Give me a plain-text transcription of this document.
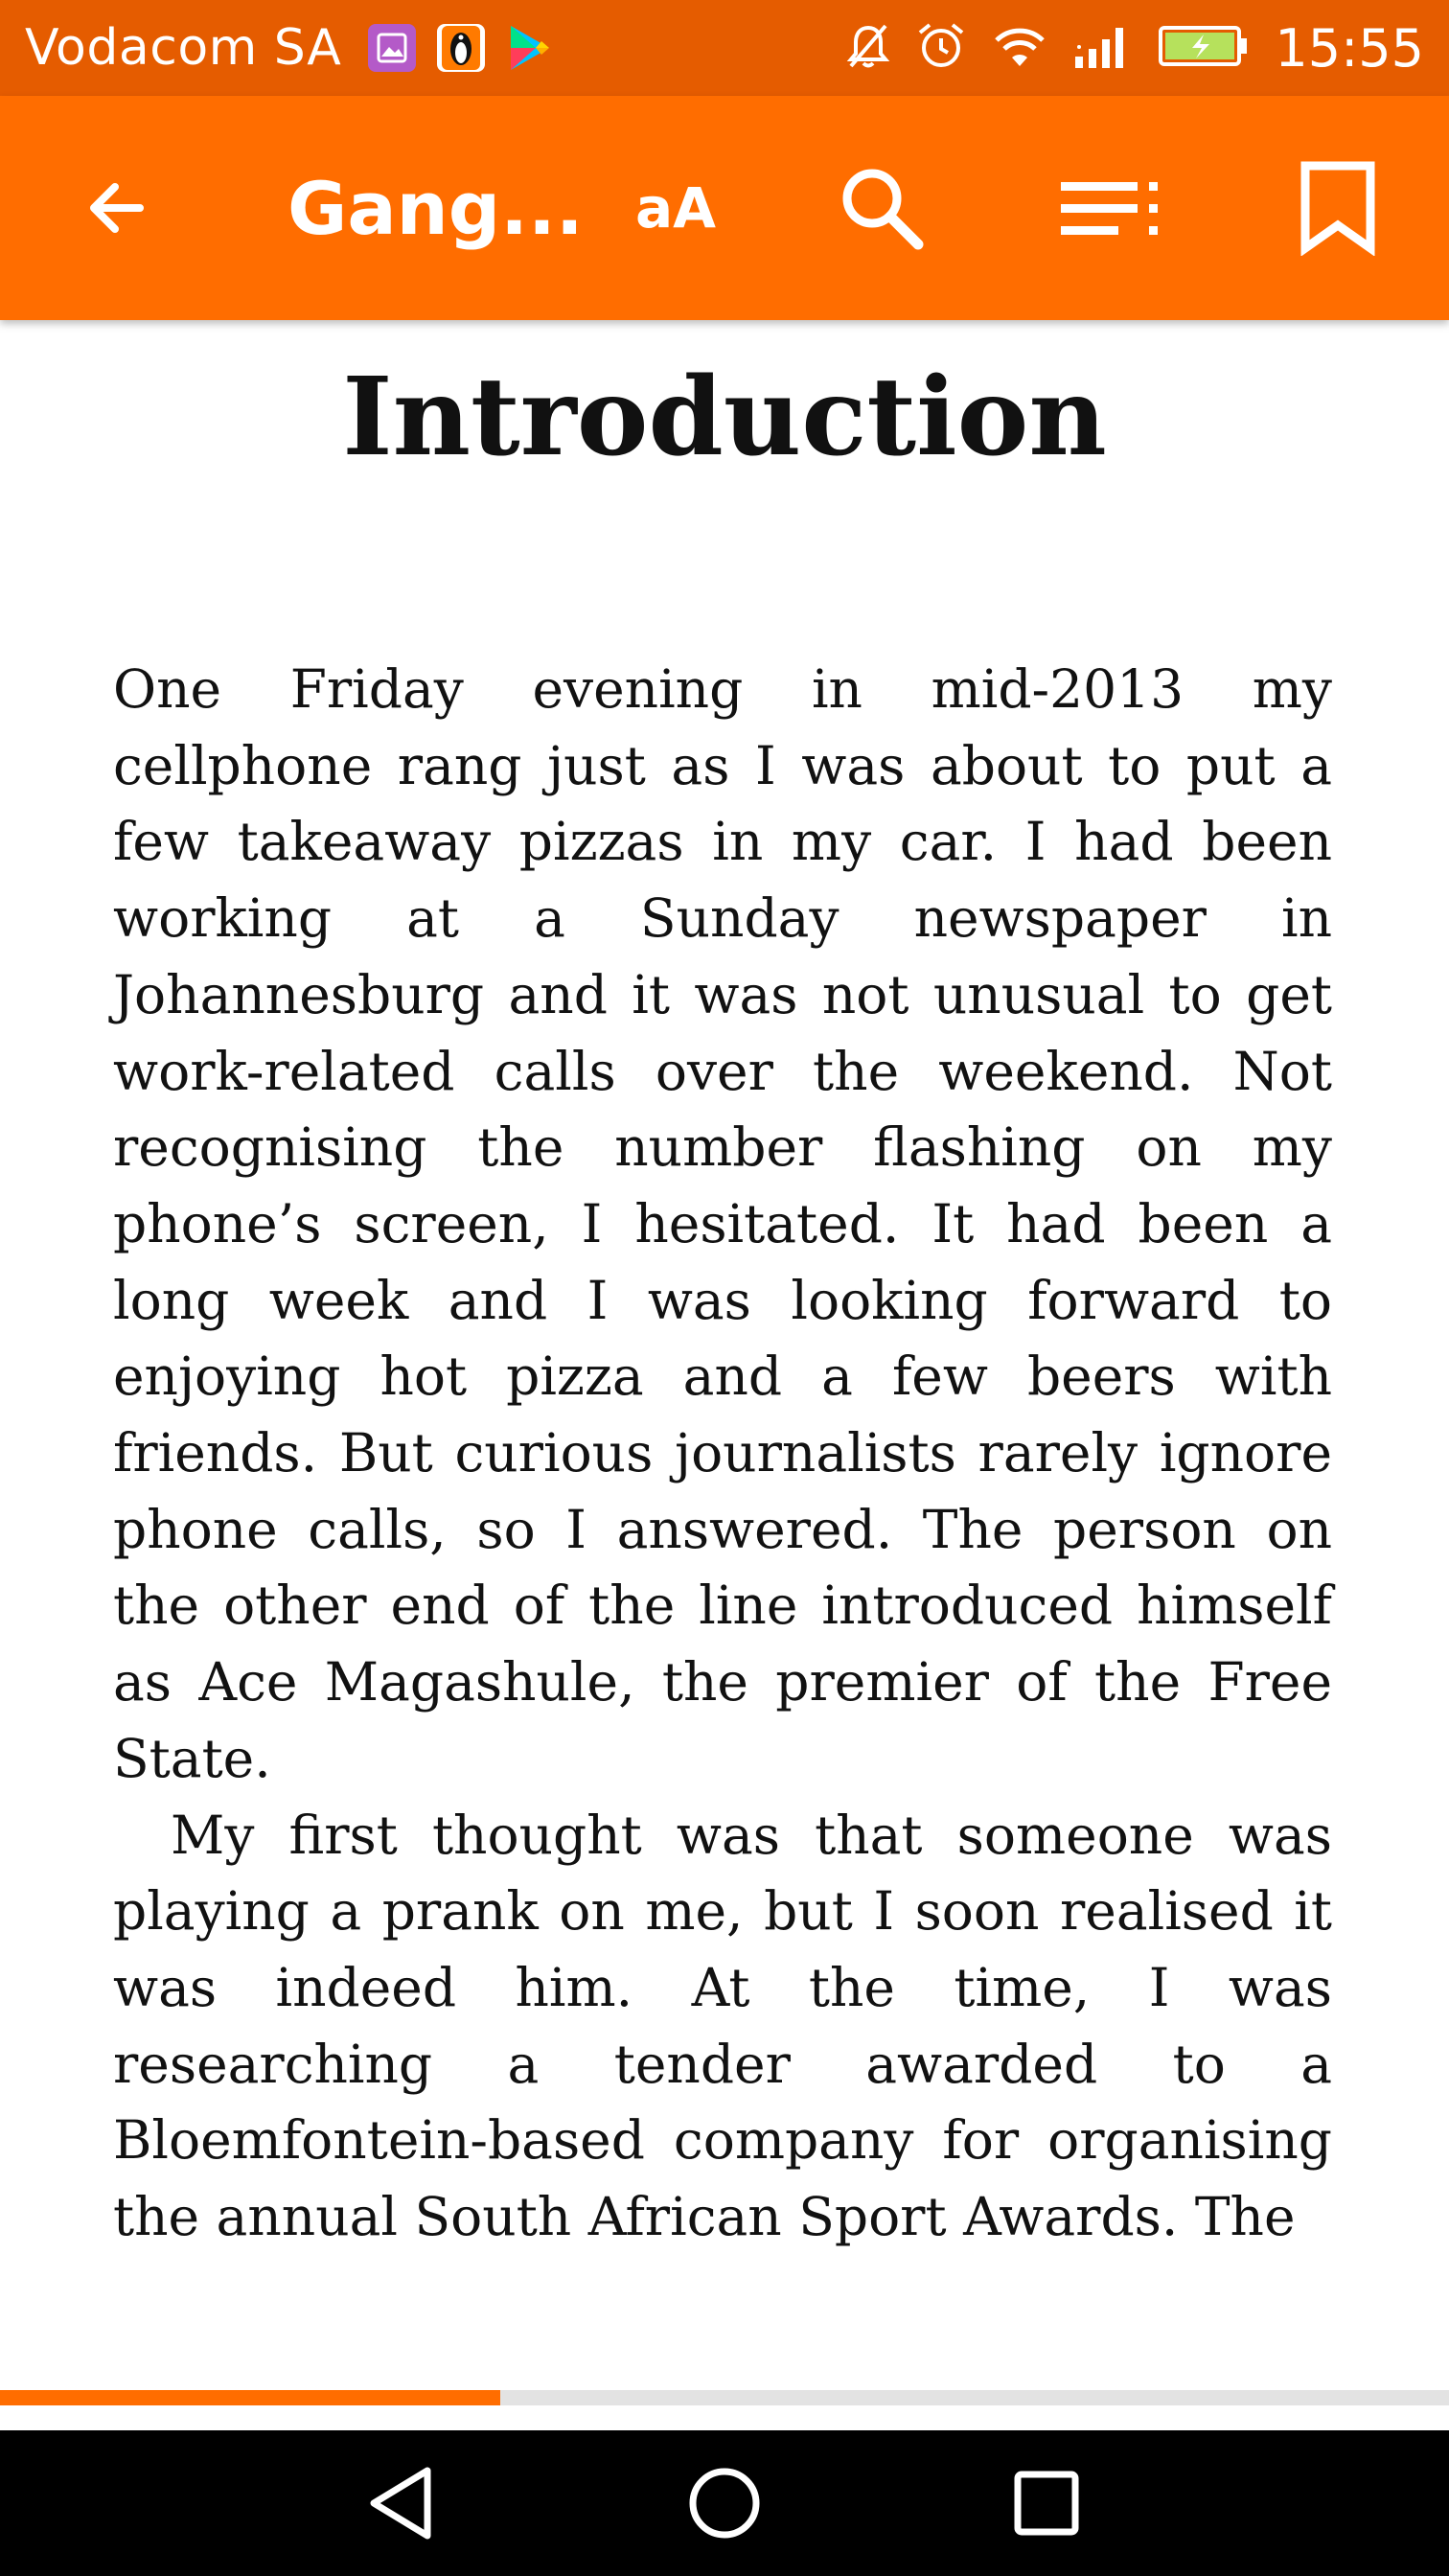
Vodacom SA	15:55
Gang... aA
Introduction

One Friday evening in mid-2013 my cellphone rang just as I was about to put a few takeaway pizzas in my car. I had been working at a Sunday newspaper in Johannesburg and it was not unusual to get work-related calls over the weekend. Not recognising the number flashing on my phone’s screen, I hesitated. It had been a long week and I was looking forward to enjoying hot pizza and a few beers with friends. But curious journalists rarely ignore phone calls, so I answered. The person on the other end of the line introduced himself as Ace Magashule, the premier of the Free State.

My first thought was that someone was playing a prank on me, but I soon realised it was indeed him. At the time, I was researching a tender awarded to a Bloemfontein-based company for organising the annual South African Sport Awards. The
